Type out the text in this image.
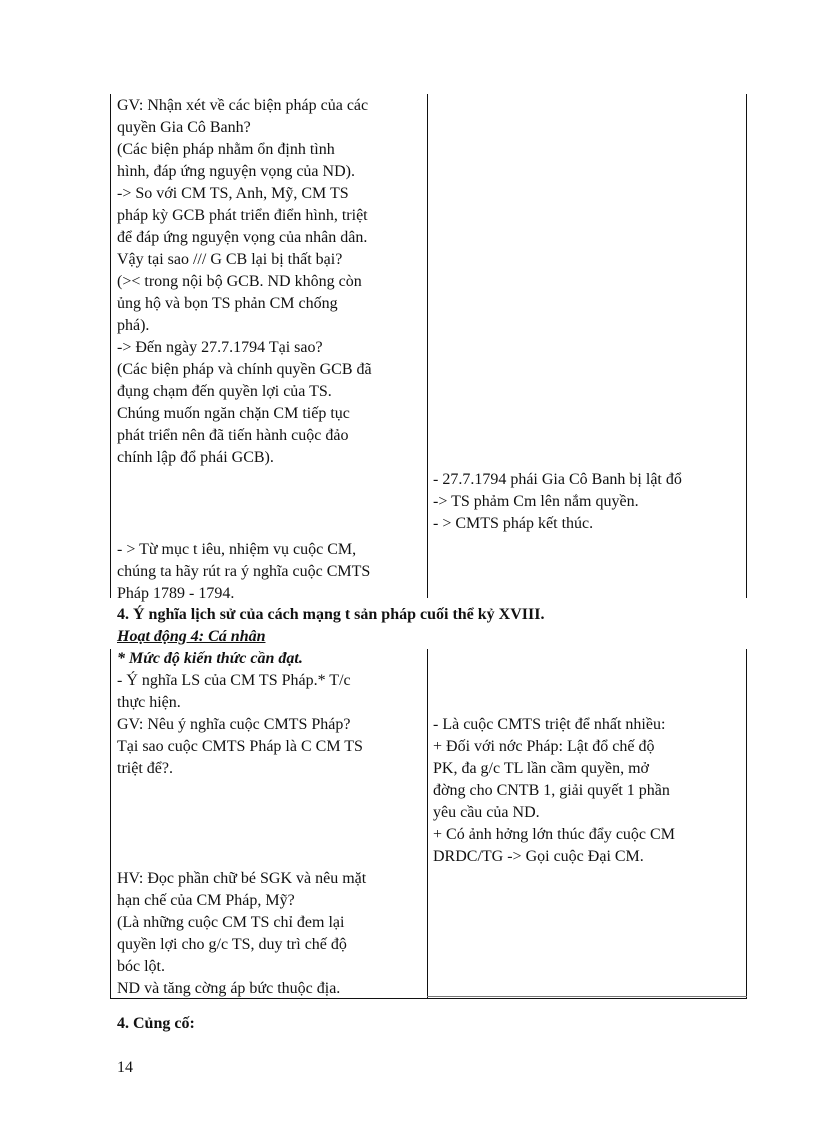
GV: Nhận xét về các biện pháp của các
quyền Gia Cô Banh?
(Các biện pháp nhằm ổn định tình
hình, đáp ứng nguyện vọng của ND).
-> So với CM TS, Anh, Mỹ, CM TS
pháp kỳ GCB phát triển điển hình, triệt
để đáp ứng nguyện vọng của nhân dân.
Vậy tại sao /// G CB lại bị thất bại?
(>< trong nội bộ GCB. ND không còn
ủng hộ và bọn TS phản CM chống
phá).
-> Đến ngày 27.7.1794 Tại sao?
(Các biện pháp và chính quyền GCB đã
đụng chạm đến quyền lợi của TS.
Chúng muốn ngăn chặn CM tiếp tục
phát triển nên đã tiến hành cuộc đảo
chính lập đổ phái GCB).
- 27.7.1794 phái Gia Cô Banh bị lật đổ
-> TS phảm Cm lên nắm quyền.
- > CMTS pháp kết thúc.
- > Từ mục t iêu, nhiệm vụ cuộc CM,
chúng ta hãy rút ra ý nghĩa cuộc CMTS
Pháp 1789 - 1794.
4. Ý nghĩa lịch sử của cách mạng t sản pháp cuối thể kỷ XVIII.
Hoạt động 4: Cá nhân
* Mức độ kiến thức cần đạt.
- Ý nghĩa LS của CM TS Pháp.* T/c
thực hiện.
GV: Nêu ý nghĩa cuộc CMTS Pháp?
Tại sao cuộc CMTS Pháp là C CM TS
triệt để?.
- Là cuộc CMTS triệt để nhất nhiều:
+ Đối với nớc Pháp: Lật đổ chế độ
PK, đa g/c TL lần cầm quyền, mở
đờng cho CNTB 1, giải quyết 1 phần
yêu cầu của ND.
+ Có ảnh hởng lớn thúc đẩy cuộc CM
DRDC/TG -> Gọi cuộc Đại CM.
HV: Đọc phần chữ bé SGK và nêu mặt
hạn chế của CM Pháp, Mỹ?
(Là những cuộc CM TS chỉ đem lại
quyền lợi cho g/c TS, duy trì chế độ
bóc lột.
ND và tăng cờng áp bức thuộc địa.
4. Củng cố:
14
